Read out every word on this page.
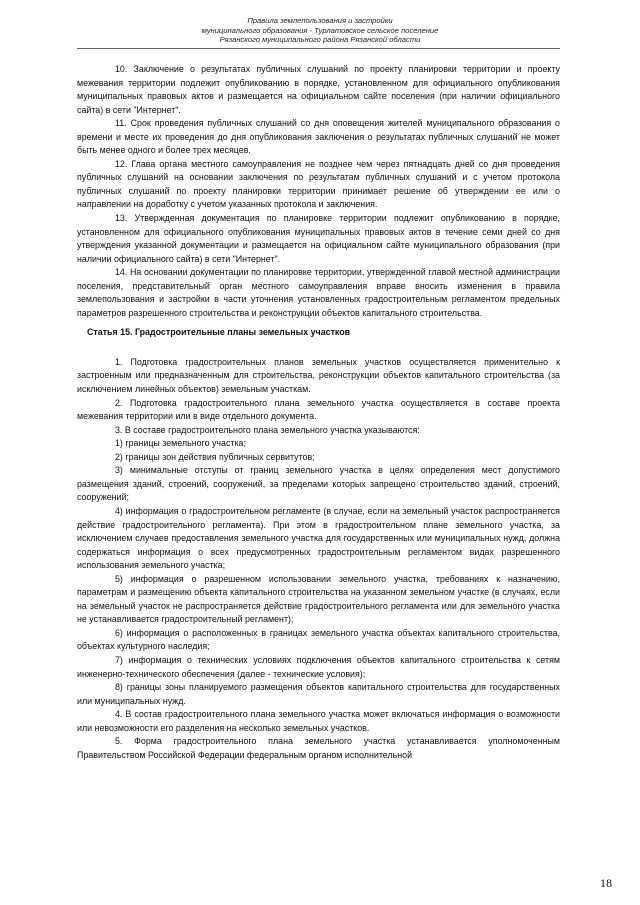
Правила землепользования и застройки
муниципального образования - Турлатовское сельское поселение
Рязанского муниципального района Рязанской области

10. Заключение о результатах публичных слушаний по проекту планировки территории и проекту межевания территории подлежит опубликованию в порядке, установленном для официального опубликования муниципальных правовых актов и размещается на официальном сайте поселения (при наличии официального сайта) в сети "Интернет".

11. Срок проведения публичных слушаний со дня оповещения жителей муниципального образования о времени и месте их проведения до дня опубликования заключения о результатах публичных слушаний не может быть менее одного и более трех месяцев.

12. Глава органа местного самоуправления не позднее чем через пятнадцать дней со дня проведения публичных слушаний на основании заключения по результатам публичных слушаний и с учетом протокола публичных слушаний по проекту планировки территории принимает решение об утверждении ее или о направлении на доработку с учетом указанных протокола и заключения.

13. Утвержденная документация по планировке территории подлежит опубликованию в порядке, установленном для официального опубликования муниципальных правовых актов в течение семи дней со дня утверждения указанной документации и размещается на официальном сайте муниципального образования (при наличии официального сайта) в сети "Интернет".

14. На основании документации по планировке территории, утвержденной главой местной администрации поселения, представительный орган местного самоуправления вправе вносить изменения в правила землепользования и застройки в части уточнения установленных градостроительным регламентом предельных параметров разрешенного строительства и реконструкции объектов капитального строительства.

Статья 15. Градостроительные планы земельных участков

1. Подготовка градостроительных планов земельных участков осуществляется применительно к застроенным или предназначенным для строительства, реконструкции объектов капитального строительства (за исключением линейных объектов) земельным участкам.

2. Подготовка градостроительного плана земельного участка осуществляется в составе проекта межевания территории или в виде отдельного документа.

3. В составе градостроительного плана земельного участка указываются:

1) границы земельного участка;

2) границы зон действия публичных сервитутов;

3) минимальные отступы от границ земельного участка в целях определения мест допустимого размещения зданий, строений, сооружений, за пределами которых запрещено строительство зданий, строений, сооружений;

4) информация о градостроительном регламенте (в случае, если на земельный участок распространяется действие градостроительного регламента). При этом в градостроительном плане земельного участка, за исключением случаев предоставления земельного участка для государственных или муниципальных нужд, должна содержаться информация о всех предусмотренных градостроительным регламентом видах разрешенного использования земельного участка;

5) информация о разрешенном использовании земельного участка, требованиях к назначению, параметрам и размещению объекта капитального строительства на указанном земельном участке (в случаях, если на земельный участок не распространяется действие градостроительного регламента или для земельного участка не устанавливается градостроительный регламент);

6) информация о расположенных в границах земельного участка объектах капитального строительства, объектах культурного наследия;

7) информация о технических условиях подключения объектов капитального строительства к сетям инженерно-технического обеспечения (далее - технические условия);

8) границы зоны планируемого размещения объектов капитального строительства для государственных или муниципальных нужд.

4. В состав градостроительного плана земельного участка может включаться информация о возможности или невозможности его разделения на несколько земельных участков.

5. Форма градостроительного плана земельного участка устанавливается уполномоченным Правительством Российской Федерации федеральным органом исполнительной

18
